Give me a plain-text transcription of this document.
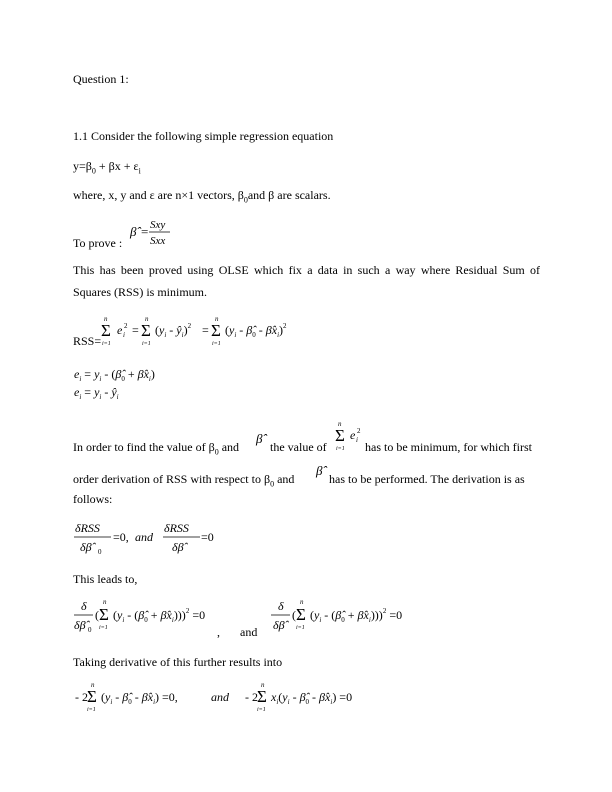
Question 1:
1.1 Consider the following simple regression equation
$y=\beta_0 + \beta x + \varepsilon_i$
where, x, y and ε are n×1 vectors, $\beta_0and$ β are scalars.
To prove :
β̂ = Sxy
Sxx
This has been proved using OLSE which fix a data in such a way where Residual Sum of
Squares (RSS) is minimum.
RSS=
n
Σ
i=1
e i
2 =
n
Σ
i=1
($y_i$ - $ŷ_i)^2$ =
n
Σ
i=1
($y_i$ - $\betâ_0$ - $\betâx_i)^2$
$e_i = y_i$ - ($\betâ_0$ + $\betâx_i$)
$e_i = y_i$ - $ŷ_i$
In order to find the value of $\beta_0$ and
β̂
the value of
n
Σ
i=1
e i
2
has to be minimum, for which first
order derivation of RSS with respect to $\beta_0$ and
β̂
has to be performed. The derivation is as
follows:
δRSS
δβ̂ 0
=0, and
δRSS
δβ̂
=0
This leads to,
δ
δβ̂ 0
(
n
Σ
i=1
($y_i$ - ($\betâ_0$ + $\betâx_i)))^2 =0$
, and
δ
δβ̂
(
n
Σ
i=1
($y_i$ - ($\betâ_0$ + $\betâx_i)))^2 =0$
Taking derivative of this further results into
- 2
n
Σ
i=1
($y_i$ - $\betâ_0$ - $\betâx_i) =0$,	and - 2
n
Σ
i=1
$x_i(y_i$ - $\betâ_0$ - $\betâx_i) =0$
